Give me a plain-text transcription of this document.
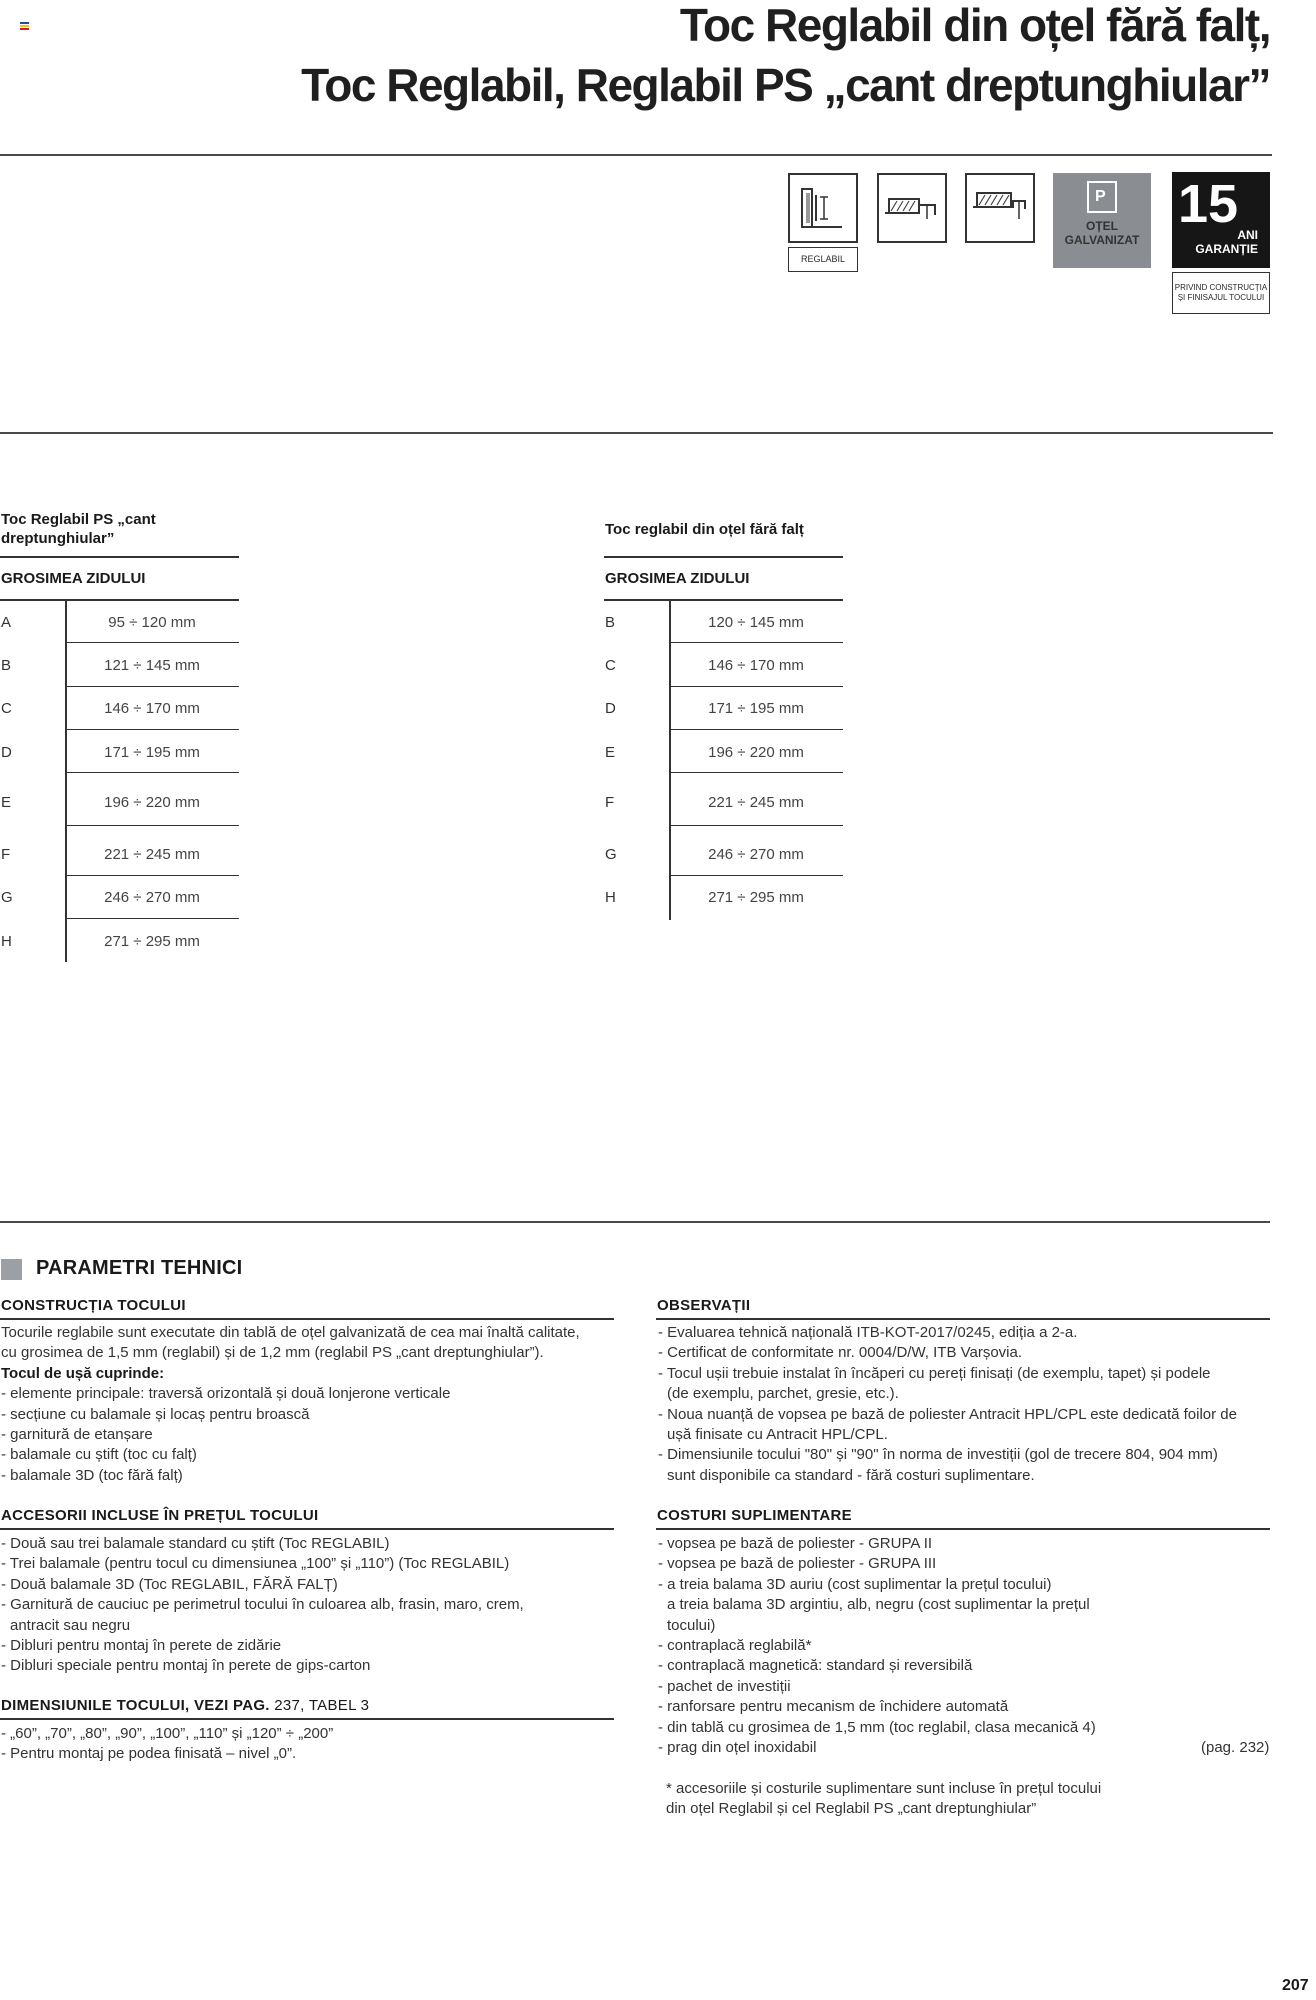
Toc Reglabil din oțel fără falț,
Toc Reglabil, Reglabil PS „cant dreptunghiular”
REGLABIL
P
OȚEL
GALVANIZAT
15
ANI
GARANȚIE
PRIVIND CONSTRUCȚIA
ȘI FINISAJUL TOCULUI
Toc Reglabil PS „cant
dreptunghiular”
GROSIMEA ZIDULUI
A	95 ÷ 120 mm
B	121 ÷ 145 mm
C	146 ÷ 170 mm
D	171 ÷ 195 mm
E	196 ÷ 220 mm
F	221 ÷ 245 mm
G	246 ÷ 270 mm
H	271 ÷ 295 mm
Toc reglabil din oțel fără falț
GROSIMEA ZIDULUI
B	120 ÷ 145 mm
C	146 ÷ 170 mm
D	171 ÷ 195 mm
E	196 ÷ 220 mm
F	221 ÷ 245 mm
G	246 ÷ 270 mm
H	271 ÷ 295 mm
PARAMETRI TEHNICI
CONSTRUCȚIA TOCULUI
Tocurile reglabile sunt executate din tablă de oțel galvanizată de cea mai înaltă calitate,
cu grosimea de 1,5 mm (reglabil) și de 1,2 mm (reglabil PS „cant dreptunghiular”).
Tocul de ușă cuprinde:
- elemente principale: traversă orizontală și două lonjerone verticale
- secțiune cu balamale și locaș pentru broască
- garnitură de etanșare
- balamale cu știft (toc cu falț)
- balamale 3D (toc fără falț)
ACCESORII INCLUSE ÎN PREȚUL TOCULUI
- Două sau trei balamale standard cu știft (Toc REGLABIL)
- Trei balamale (pentru tocul cu dimensiunea „100” și „110”) (Toc REGLABIL)
- Două balamale 3D (Toc REGLABIL, FĂRĂ FALȚ)
- Garnitură de cauciuc pe perimetrul tocului în culoarea alb, frasin, maro, crem,
antracit sau negru
- Dibluri pentru montaj în perete de zidărie
- Dibluri speciale pentru montaj în perete de gips-carton
DIMENSIUNILE TOCULUI, VEZI PAG. 237, TABEL 3
- „60”, „70”, „80”, „90”, „100”, „110” și „120” ÷ „200”
- Pentru montaj pe podea finisată – nivel „0”.
OBSERVAȚII
- Evaluarea tehnică națională ITB-KOT-2017/0245, ediția a 2-a.
- Certificat de conformitate nr. 0004/D/W, ITB Varșovia.
- Tocul ușii trebuie instalat în încăperi cu pereți finisați (de exemplu, tapet) și podele
(de exemplu, parchet, gresie, etc.).
- Noua nuanță de vopsea pe bază de poliester Antracit HPL/CPL este dedicată foilor de
ușă finisate cu Antracit HPL/CPL.
- Dimensiunile tocului "80" și "90" în norma de investiții (gol de trecere 804, 904 mm)
sunt disponibile ca standard - fără costuri suplimentare.
COSTURI SUPLIMENTARE
- vopsea pe bază de poliester - GRUPA II
- vopsea pe bază de poliester - GRUPA III
- a treia balama 3D auriu (cost suplimentar la prețul tocului)
a treia balama 3D argintiu, alb, negru (cost suplimentar la prețul
tocului)
- contraplacă reglabilă*
- contraplacă magnetică: standard și reversibilă
- pachet de investiții
- ranforsare pentru mecanism de închidere automată
- din tablă cu grosimea de 1,5 mm (toc reglabil, clasa mecanică 4)
- prag din oțel inoxidabil	(pag. 232)
* accesoriile și costurile suplimentare sunt incluse în prețul tocului
din oțel Reglabil și cel Reglabil PS „cant dreptunghiular”
207
